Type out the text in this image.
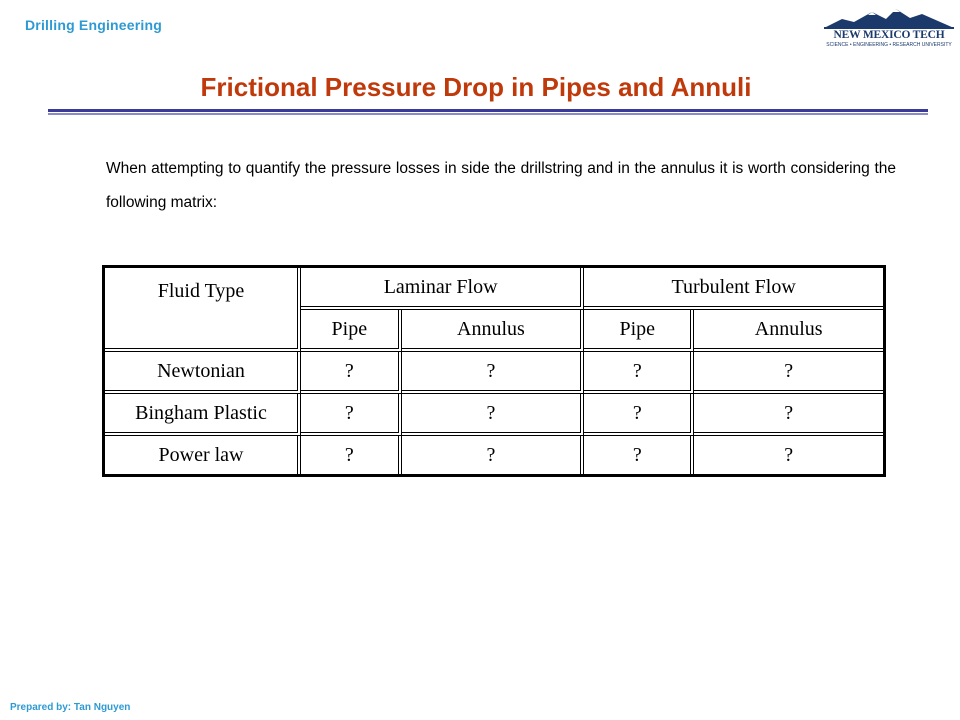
Drilling Engineering
NEW MEXICO TECH
SCIENCE • ENGINEERING • RESEARCH UNIVERSITY
Frictional Pressure Drop in Pipes and Annuli
When attempting to quantify the pressure losses in side the drillstring and in the annulus it is worth considering the following matrix:
Fluid Type	Laminar Flow		Turbulent Flow	
	Pipe	Annulus	Pipe	Annulus
Newtonian	?	?	?	?
Bingham Plastic	?	?	?	?
Power law	?	?	?	?
Prepared by: Tan Nguyen
